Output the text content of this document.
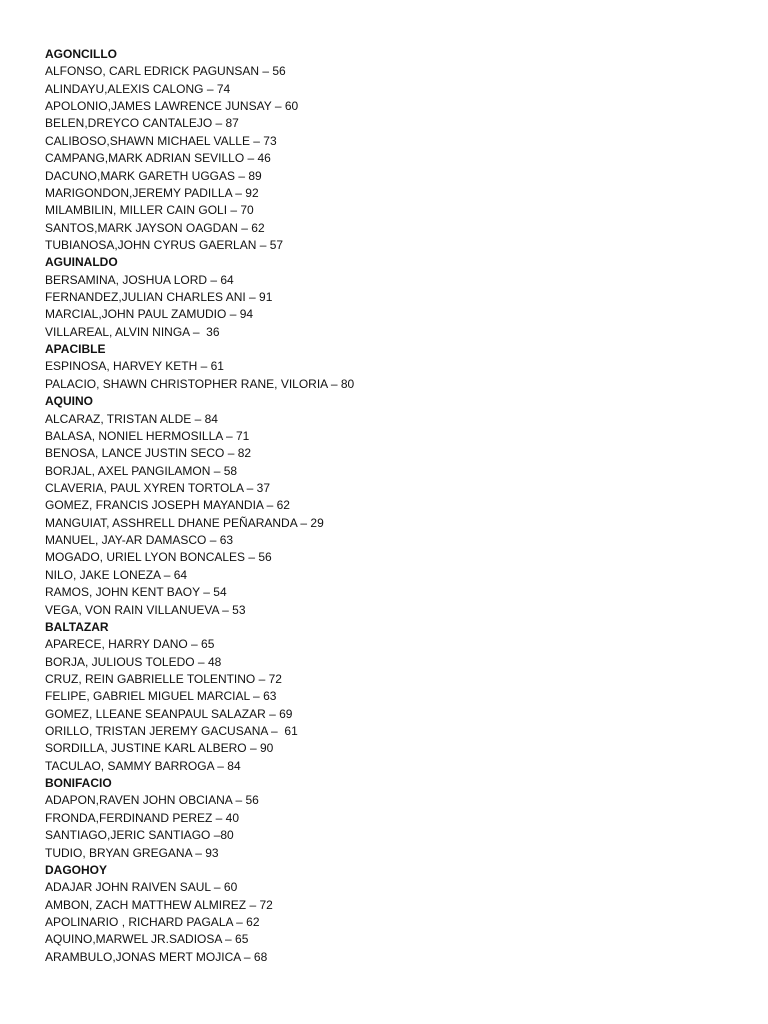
AGONCILLO
ALFONSO, CARL EDRICK PAGUNSAN – 56
ALINDAYU,ALEXIS CALONG – 74
APOLONIO,JAMES LAWRENCE JUNSAY – 60
BELEN,DREYCO CANTALEJO – 87
CALIBOSO,SHAWN MICHAEL VALLE – 73
CAMPANG,MARK ADRIAN SEVILLO – 46
DACUNO,MARK GARETH UGGAS – 89
MARIGONDON,JEREMY PADILLA – 92
MILAMBILIN, MILLER CAIN GOLI – 70
SANTOS,MARK JAYSON OAGDAN – 62
TUBIANOSA,JOHN CYRUS GAERLAN – 57
AGUINALDO
BERSAMINA, JOSHUA LORD – 64
FERNANDEZ,JULIAN CHARLES ANI – 91
MARCIAL,JOHN PAUL ZAMUDIO – 94
VILLAREAL, ALVIN NINGA –  36
APACIBLE
ESPINOSA, HARVEY KETH – 61
PALACIO, SHAWN CHRISTOPHER RANE, VILORIA – 80
AQUINO
ALCARAZ, TRISTAN ALDE – 84
BALASA, NONIEL HERMOSILLA – 71
BENOSA, LANCE JUSTIN SECO – 82
BORJAL, AXEL PANGILAMON – 58
CLAVERIA, PAUL XYREN TORTOLA – 37
GOMEZ, FRANCIS JOSEPH MAYANDIA – 62
MANGUIAT, ASSHRELL DHANE PEÑARANDA – 29
MANUEL, JAY-AR DAMASCO – 63
MOGADO, URIEL LYON BONCALES – 56
NILO, JAKE LONEZA – 64
RAMOS, JOHN KENT BAOY – 54
VEGA, VON RAIN VILLANUEVA – 53
BALTAZAR
APARECE, HARRY DANO – 65
BORJA, JULIOUS TOLEDO – 48
CRUZ, REIN GABRIELLE TOLENTINO – 72
FELIPE, GABRIEL MIGUEL MARCIAL – 63
GOMEZ, LLEANE SEANPAUL SALAZAR – 69
ORILLO, TRISTAN JEREMY GACUSANA –  61
SORDILLA, JUSTINE KARL ALBERO – 90
TACULAO, SAMMY BARROGA – 84
BONIFACIO
ADAPON,RAVEN JOHN OBCIANA – 56
FRONDA,FERDINAND PEREZ – 40
SANTIAGO,JERIC SANTIAGO –80
TUDIO, BRYAN GREGANA – 93
DAGOHOY
ADAJAR JOHN RAIVEN SAUL – 60
AMBON, ZACH MATTHEW ALMIREZ – 72
APOLINARIO , RICHARD PAGALA – 62
AQUINO,MARWEL JR.SADIOSA – 65
ARAMBULO,JONAS MERT MOJICA – 68
